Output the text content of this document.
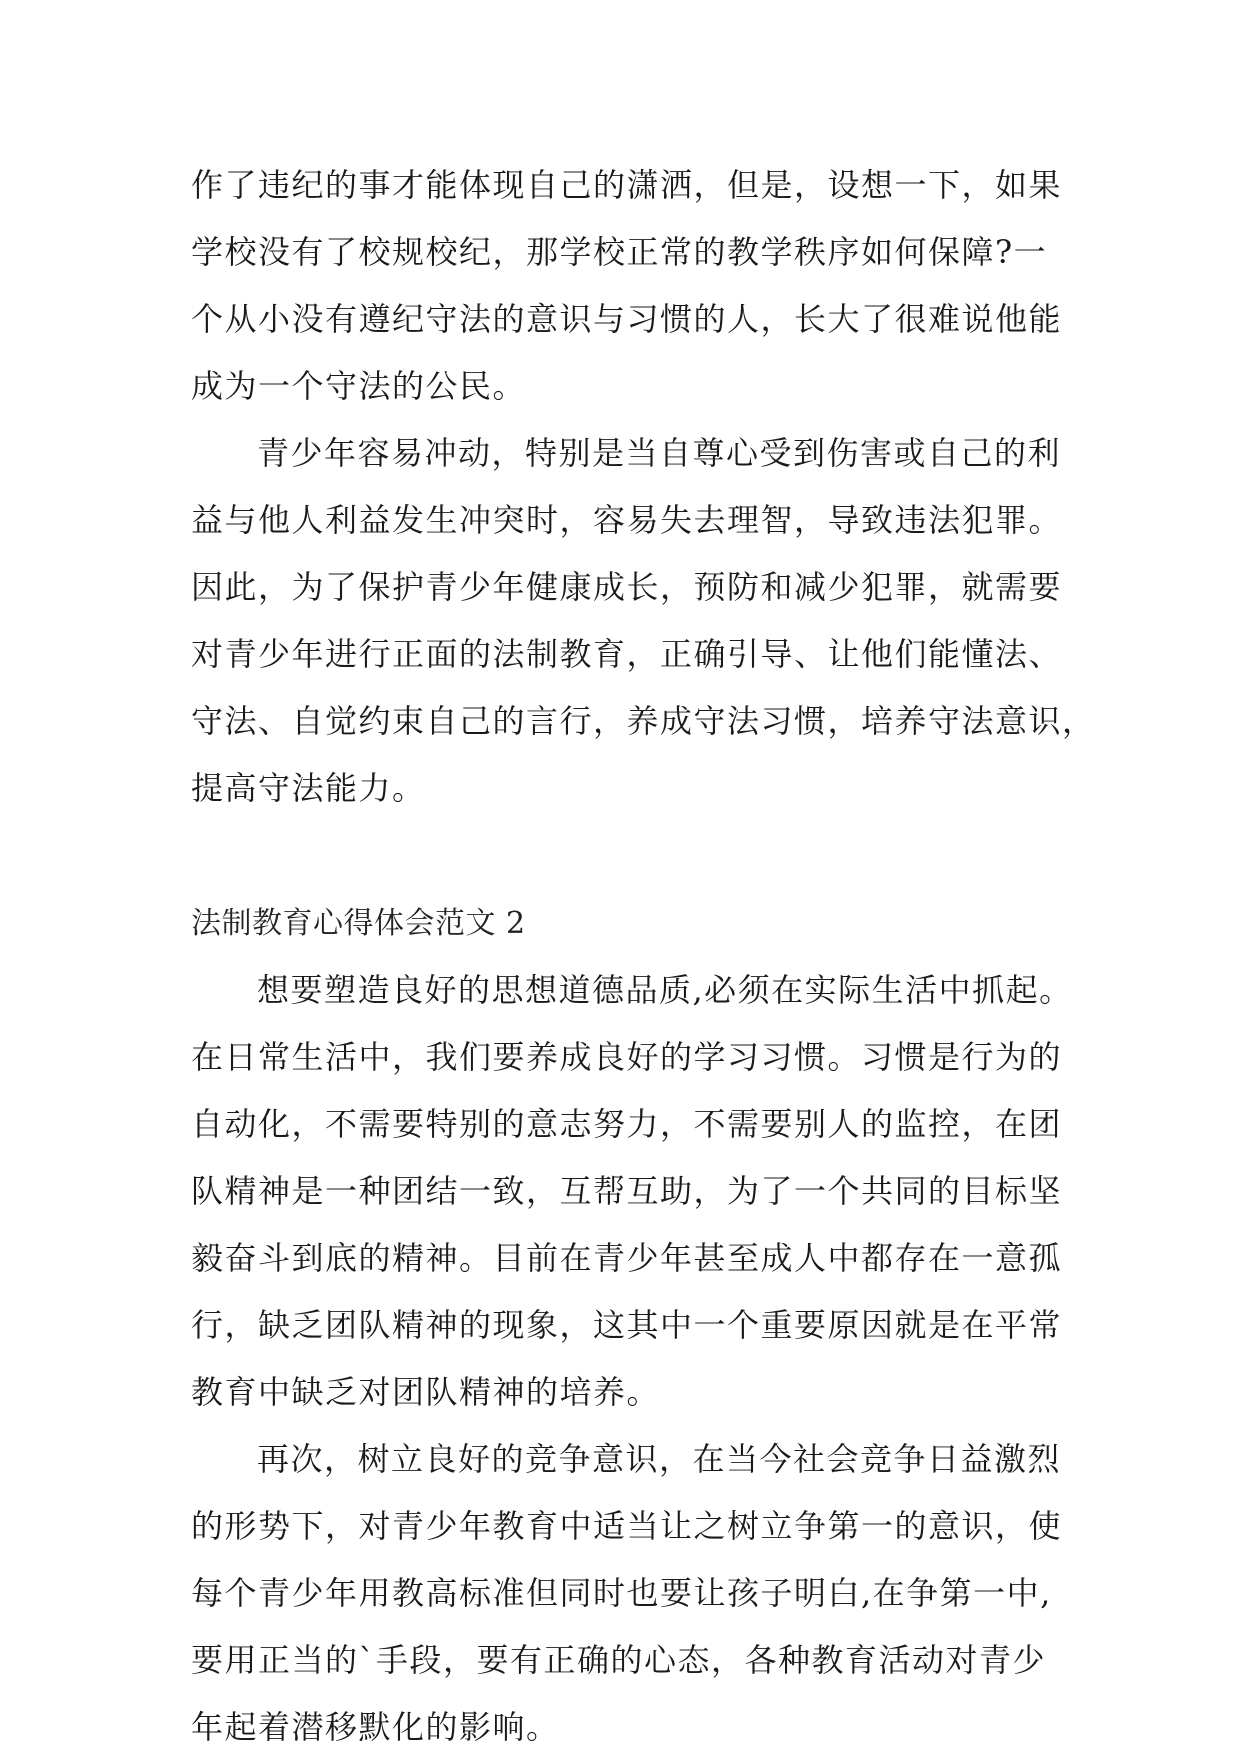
作了违纪的事才能体现自己的潇洒，但是，设想一下，如果
学校没有了校规校纪，那学校正常的教学秩序如何保障?一
个从小没有遵纪守法的意识与习惯的人，长大了很难说他能
成为一个守法的公民。
青少年容易冲动，特别是当自尊心受到伤害或自己的利
益与他人利益发生冲突时，容易失去理智，导致违法犯罪。
因此，为了保护青少年健康成长，预防和减少犯罪，就需要
对青少年进行正面的法制教育，正确引导、让他们能懂法、
守法、自觉约束自己的言行，养成守法习惯，培养守法意识，
提高守法能力。
法制教育心得体会范文 2
想要塑造良好的思想道德品质,必须在实际生活中抓起。
在日常生活中，我们要养成良好的学习习惯。习惯是行为的
自动化，不需要特别的意志努力，不需要别人的监控，在团
队精神是一种团结一致，互帮互助，为了一个共同的目标坚
毅奋斗到底的精神。目前在青少年甚至成人中都存在一意孤
行，缺乏团队精神的现象，这其中一个重要原因就是在平常
教育中缺乏对团队精神的培养。
再次，树立良好的竞争意识，在当今社会竞争日益激烈
的形势下，对青少年教育中适当让之树立争第一的意识，使
每个青少年用教高标准但同时也要让孩子明白,在争第一中,
要用正当的`手段，要有正确的心态，各种教育活动对青少
年起着潜移默化的影响。
